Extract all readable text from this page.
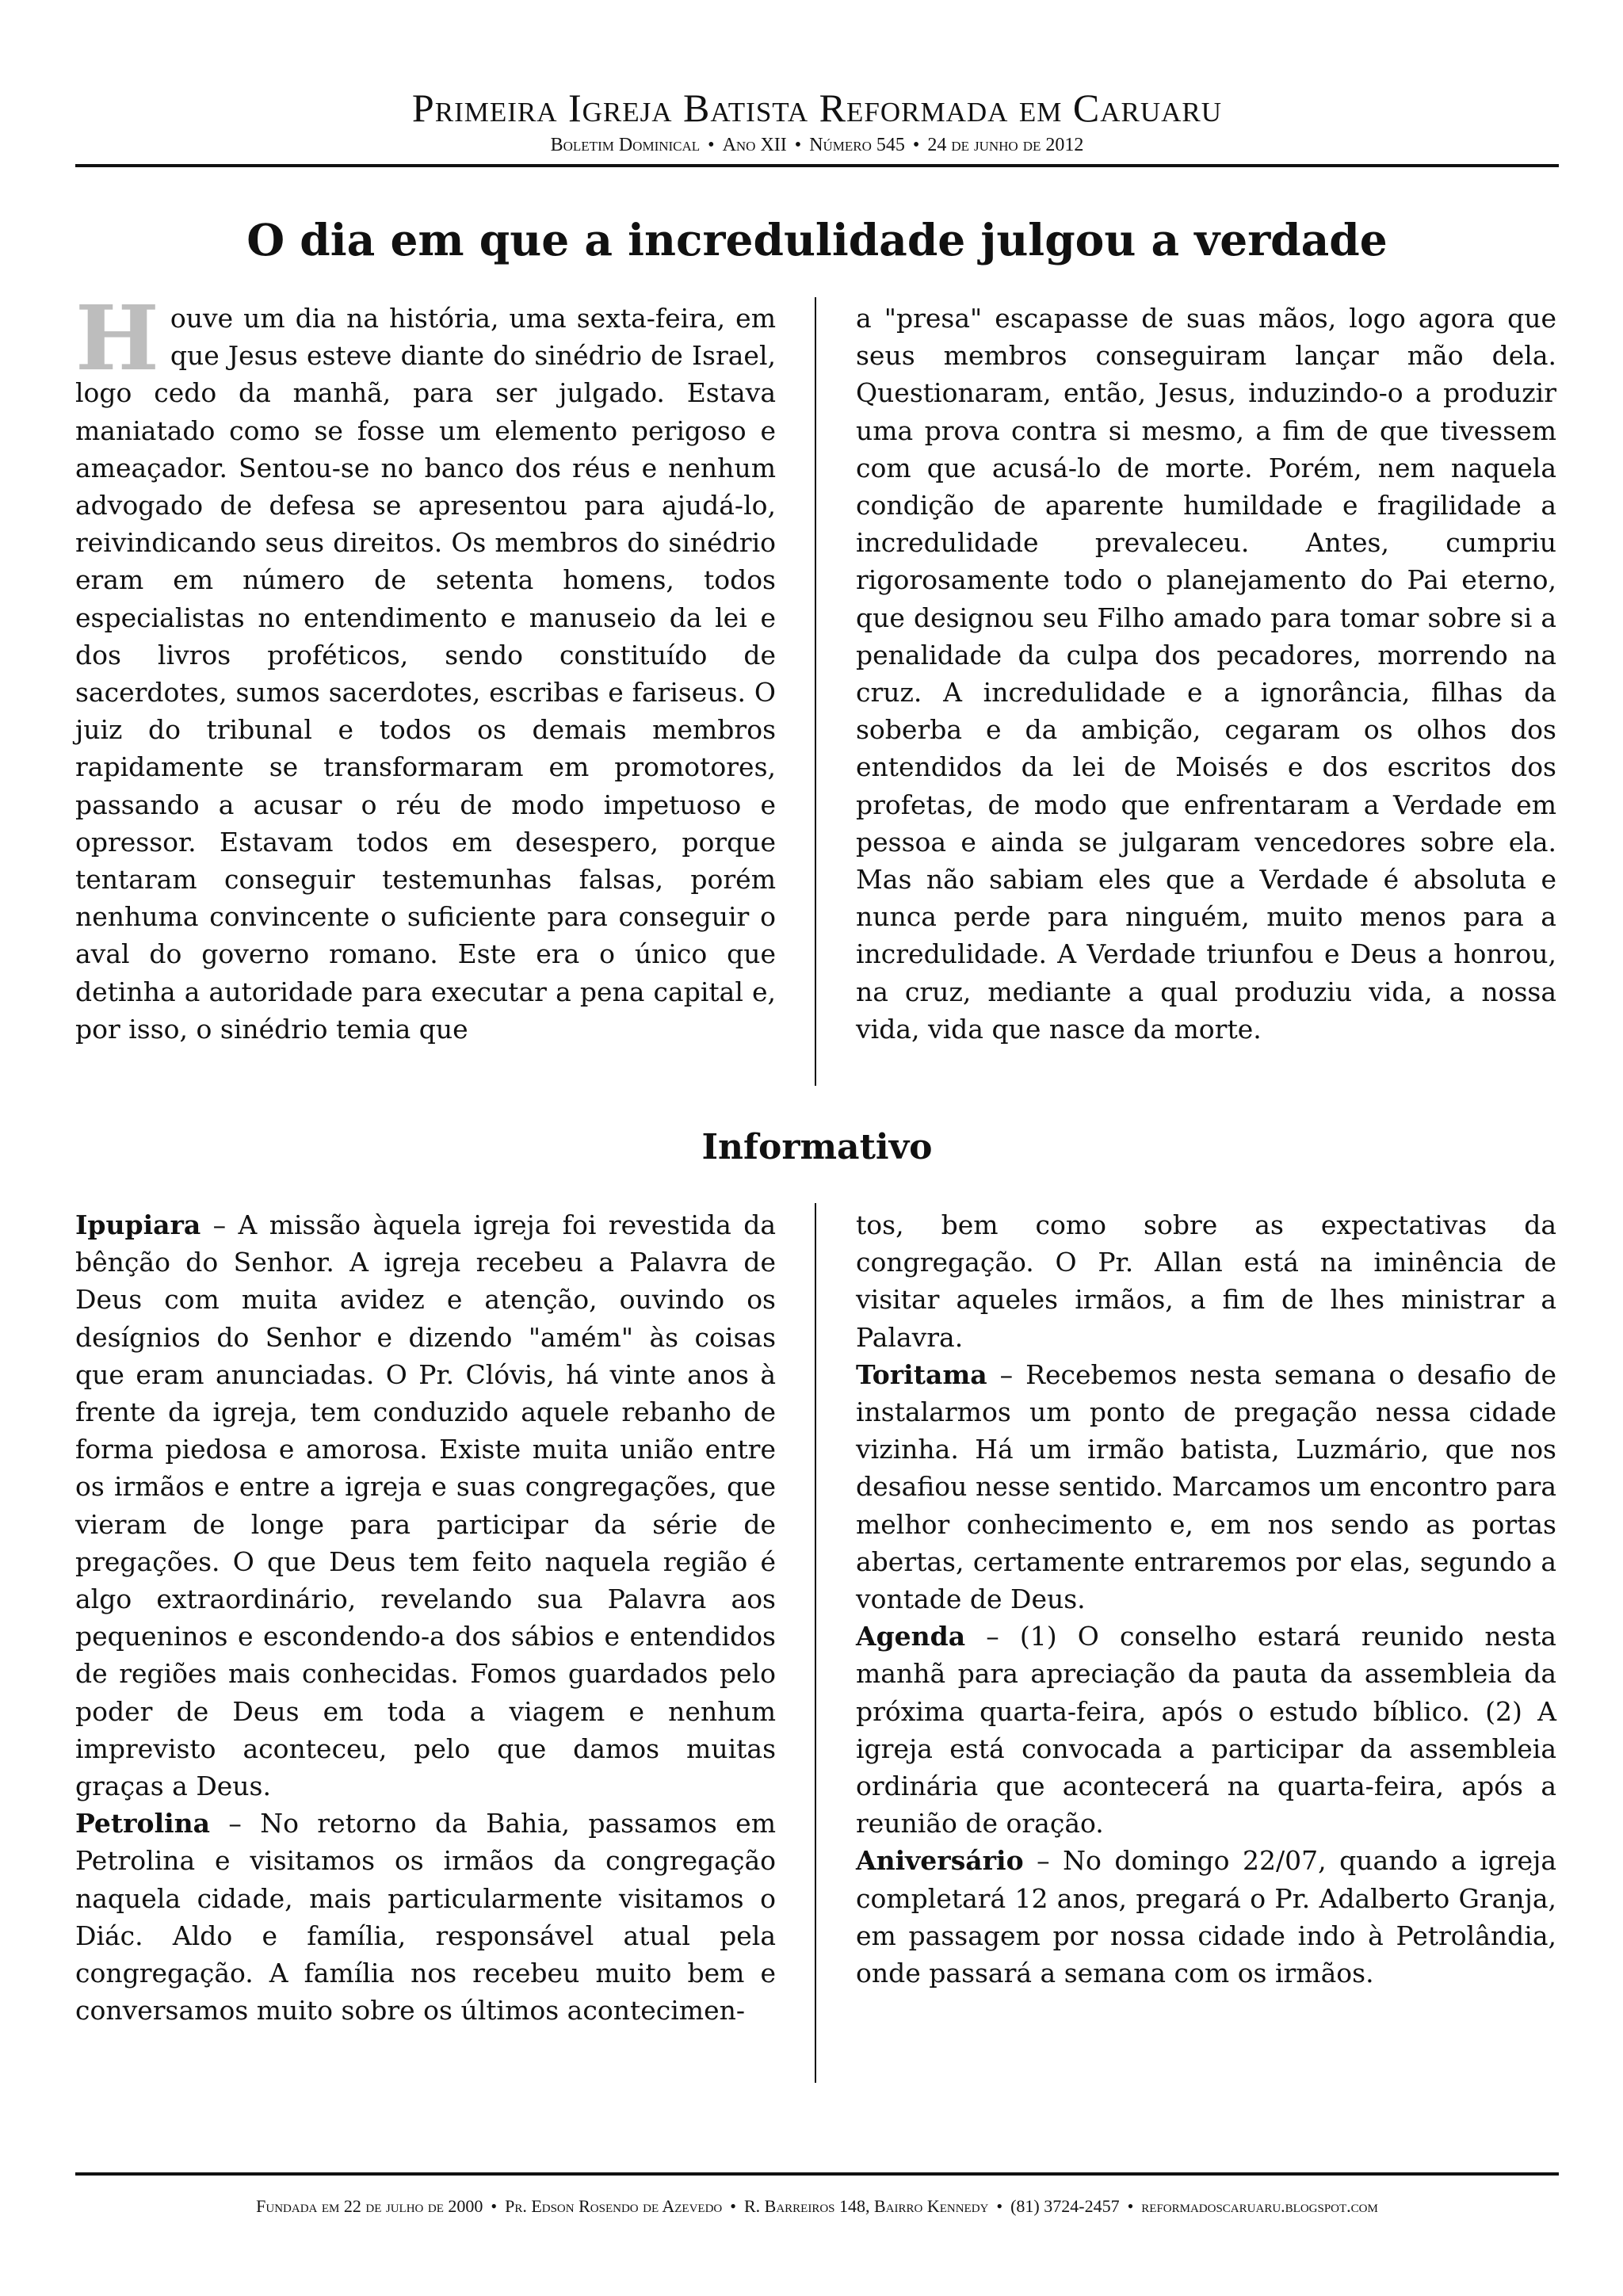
Primeira Igreja Batista Reformada em Caruaru
Boletim Dominical • Ano XII • Número 545 • 24 de junho de 2012
O dia em que a incredulidade julgou a verdade

Houve um dia na história, uma sexta-feira, em que Jesus esteve diante do sinédrio de Israel, logo cedo da manhã, para ser julgado. Estava maniatado como se fosse um elemento perigoso e ameaçador. Sentou-se no banco dos réus e nenhum advogado de defesa se apresentou para ajudá-lo, reivindicando seus direitos. Os membros do sinédrio eram em número de setenta homens, todos especialistas no entendimento e manuseio da lei e dos livros proféticos, sendo constituído de sacerdotes, sumos sacerdotes, escribas e fariseus. O juiz do tribunal e todos os demais membros rapidamente se transformaram em promotores, passando a acusar o réu de modo impetuoso e opressor. Estavam todos em desespero, porque tentaram conseguir testemunhas falsas, porém nenhuma convincente o suficiente para conseguir o aval do governo romano. Este era o único que detinha a autoridade para executar a pena capital e, por isso, o sinédrio temia que

a "presa" escapasse de suas mãos, logo agora que seus membros conseguiram lançar mão dela. Questionaram, então, Jesus, induzindo-o a produzir uma prova contra si mesmo, a fim de que tivessem com que acusá-lo de morte. Porém, nem naquela condição de aparente humildade e fragilidade a incredulidade prevaleceu. Antes, cumpriu rigorosamente todo o planejamento do Pai eterno, que designou seu Filho amado para tomar sobre si a penalidade da culpa dos pecadores, morrendo na cruz. A incredulidade e a ignorância, filhas da soberba e da ambição, cegaram os olhos dos entendidos da lei de Moisés e dos escritos dos profetas, de modo que enfrentaram a Verdade em pessoa e ainda se julgaram vencedores sobre ela. Mas não sabiam eles que a Verdade é absoluta e nunca perde para ninguém, muito menos para a incredulidade. A Verdade triunfou e Deus a honrou, na cruz, mediante a qual produziu vida, a nossa vida, vida que nasce da morte.

Informativo

Ipupiara – A missão àquela igreja foi revestida da bênção do Senhor. A igreja recebeu a Palavra de Deus com muita avidez e atenção, ouvindo os desígnios do Senhor e dizendo "amém" às coisas que eram anunciadas. O Pr. Clóvis, há vinte anos à frente da igreja, tem conduzido aquele rebanho de forma piedosa e amorosa. Existe muita união entre os irmãos e entre a igreja e suas congregações, que vieram de longe para participar da série de pregações. O que Deus tem feito naquela região é algo extraordinário, revelando sua Palavra aos pequeninos e escondendo-a dos sábios e entendidos de regiões mais conhecidas. Fomos guardados pelo poder de Deus em toda a viagem e nenhum imprevisto aconteceu, pelo que damos muitas graças a Deus.

Petrolina – No retorno da Bahia, passamos em Petrolina e visitamos os irmãos da congregação naquela cidade, mais particularmente visitamos o Diác. Aldo e família, responsável atual pela congregação. A família nos recebeu muito bem e conversamos muito sobre os últimos acontecimen-

tos, bem como sobre as expectativas da congregação. O Pr. Allan está na iminência de visitar aqueles irmãos, a fim de lhes ministrar a Palavra.

Toritama – Recebemos nesta semana o desafio de instalarmos um ponto de pregação nessa cidade vizinha. Há um irmão batista, Luzmário, que nos desafiou nesse sentido. Marcamos um encontro para melhor conhecimento e, em nos sendo as portas abertas, certamente entraremos por elas, segundo a vontade de Deus.

Agenda – (1) O conselho estará reunido nesta manhã para apreciação da pauta da assembleia da próxima quarta-feira, após o estudo bíblico. (2) A igreja está convocada a participar da assembleia ordinária que acontecerá na quarta-feira, após a reunião de oração.

Aniversário – No domingo 22/07, quando a igreja completará 12 anos, pregará o Pr. Adalberto Granja, em passagem por nossa cidade indo à Petrolândia, onde passará a semana com os irmãos.

Fundada em 22 de julho de 2000 • Pr. Edson Rosendo de Azevedo • R. Barreiros 148, Bairro Kennedy • (81) 3724-2457 • reformadoscaruaru.blogspot.com
